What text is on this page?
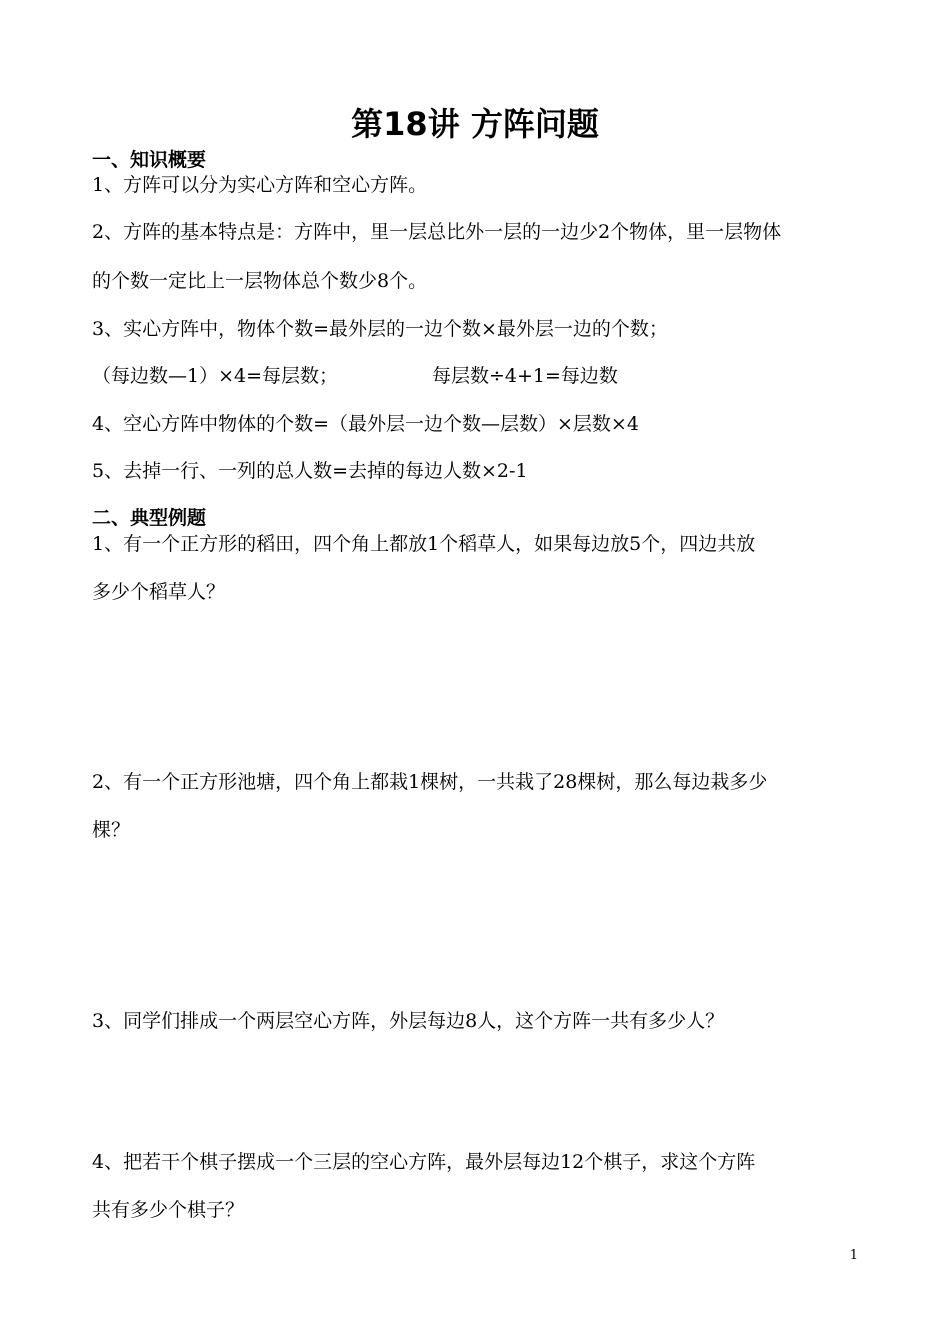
第18讲 方阵问题
一、知识概要
1、方阵可以分为实心方阵和空心方阵。
2、方阵的基本特点是：方阵中，里一层总比外一层的一边少2个物体，里一层物体
的个数一定比上一层物体总个数少8个。
3、实心方阵中，物体个数=最外层的一边个数×最外层一边的个数；
（每边数—1）×4=每层数；	每层数÷4+1=每边数
4、空心方阵中物体的个数=（最外层一边个数—层数）×层数×4
5、去掉一行、一列的总人数=去掉的每边人数×2-1
二、典型例题
1、有一个正方形的稻田，四个角上都放1个稻草人，如果每边放5个，四边共放
多少个稻草人？
2、有一个正方形池塘，四个角上都栽1棵树，一共栽了28棵树，那么每边栽多少
棵？
3、同学们排成一个两层空心方阵，外层每边8人，这个方阵一共有多少人？
4、把若干个棋子摆成一个三层的空心方阵，最外层每边12个棋子，求这个方阵
共有多少个棋子？
1
